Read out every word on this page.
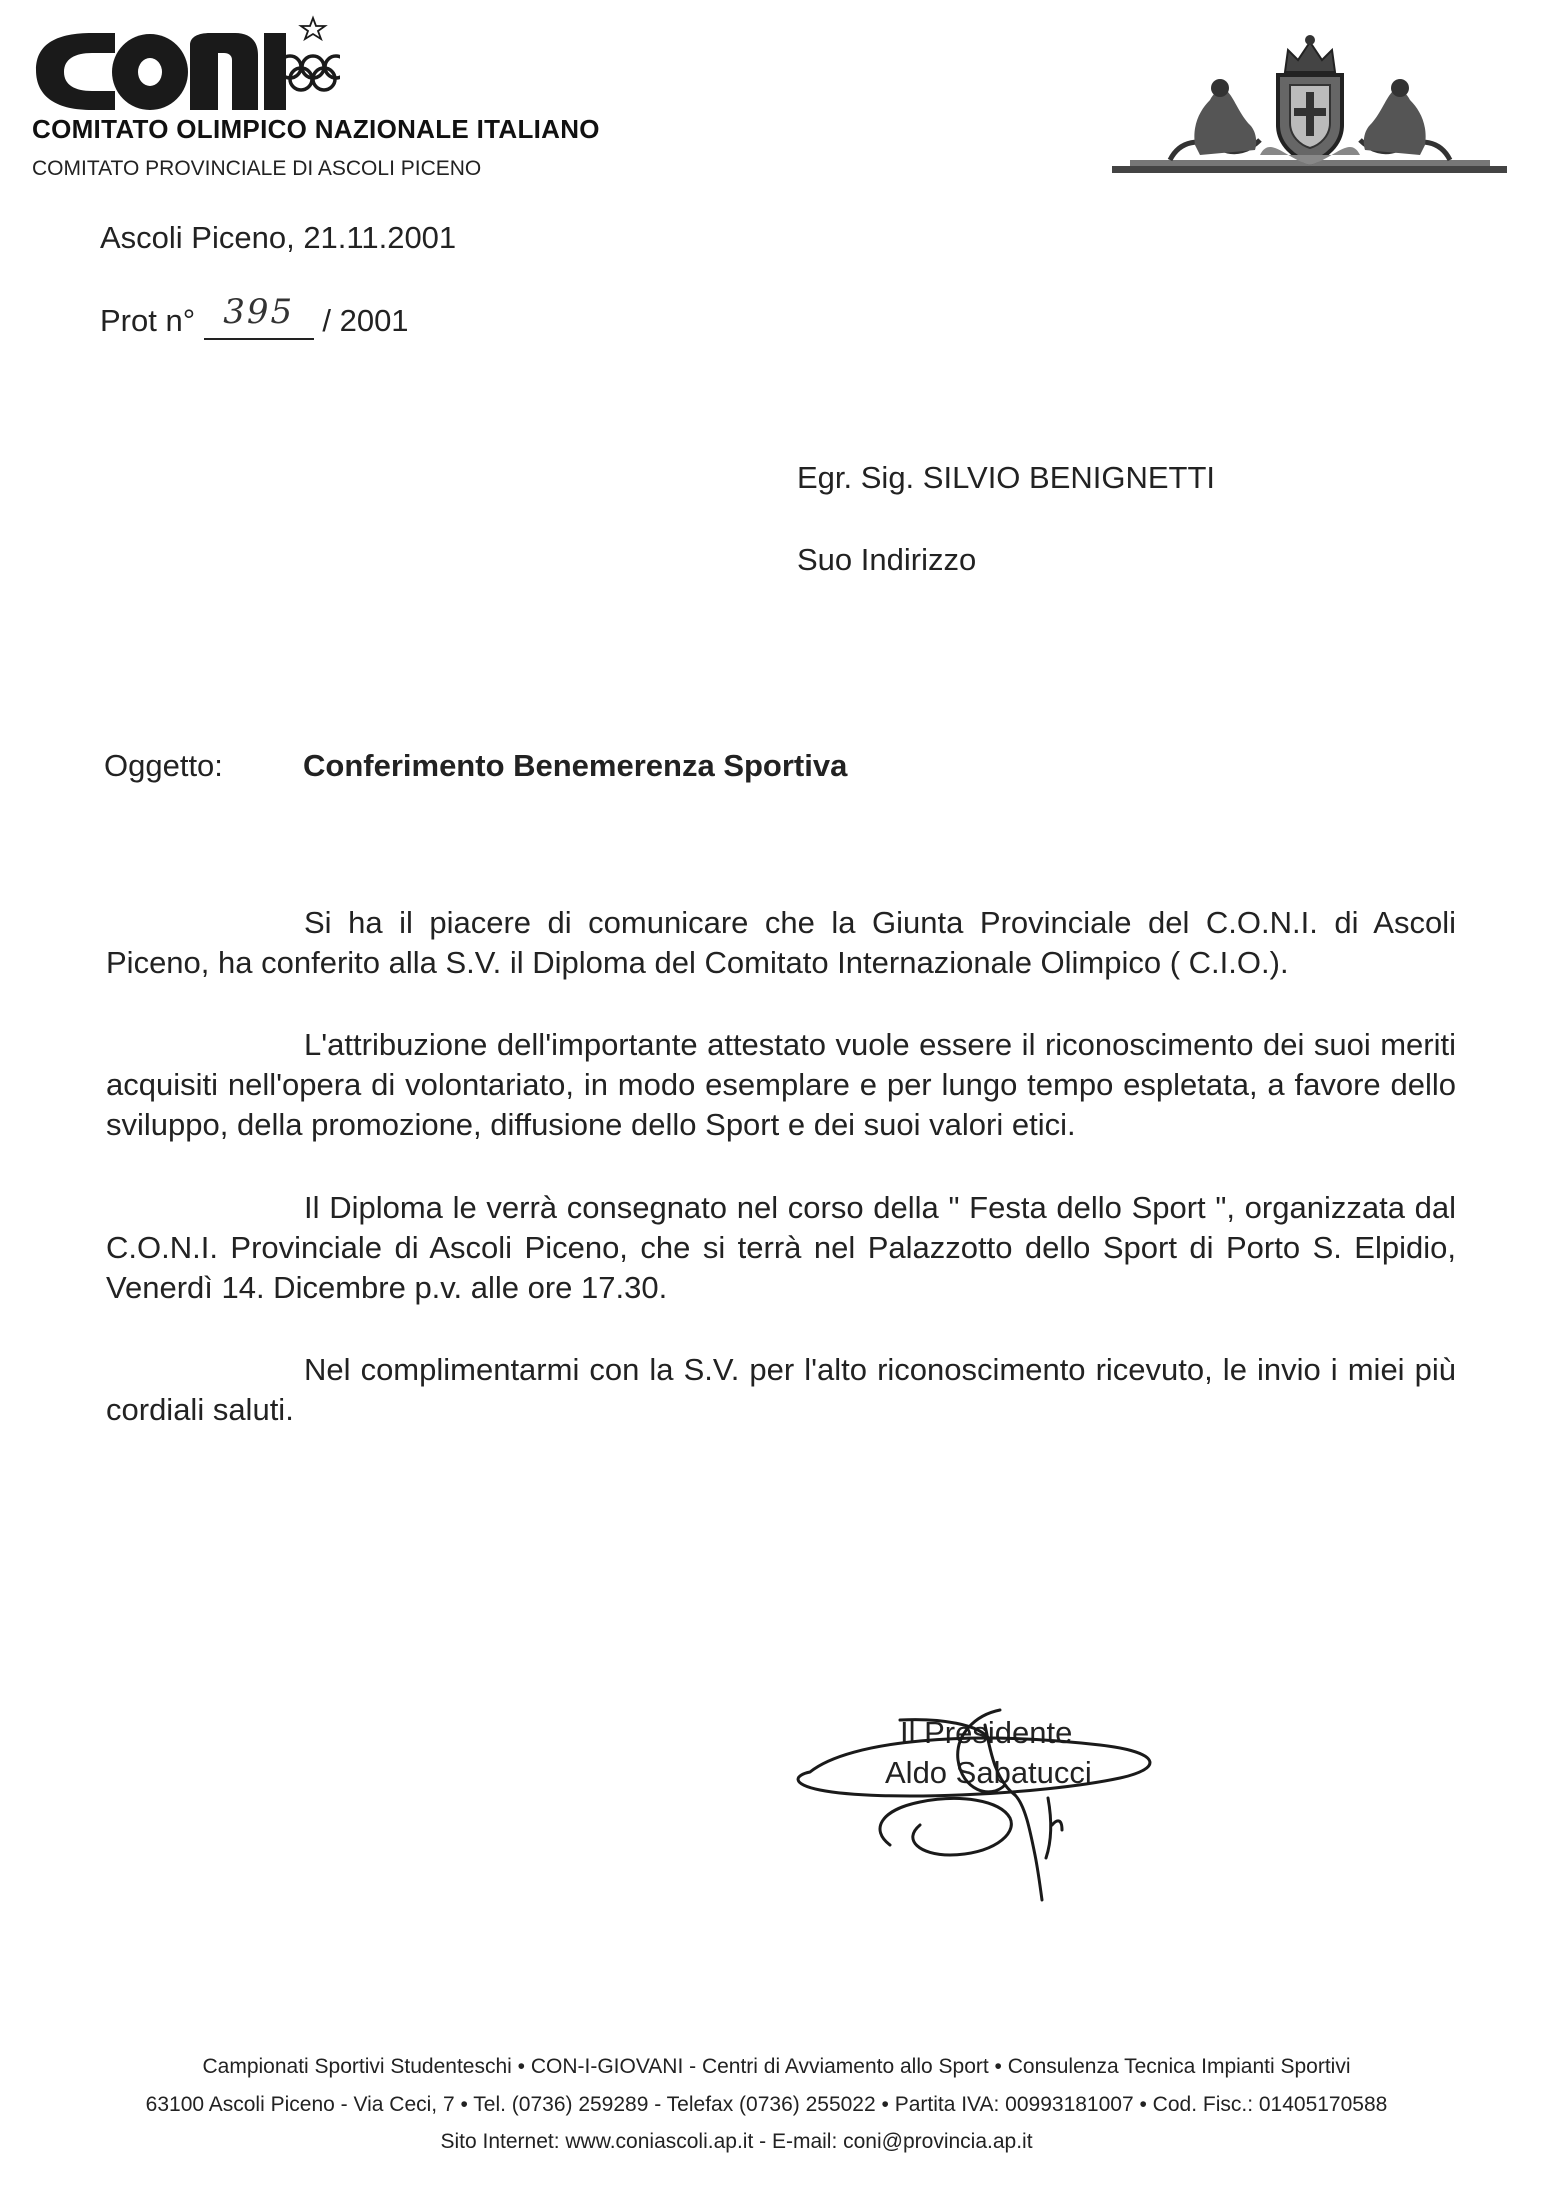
COMITATO OLIMPICO NAZIONALE ITALIANO
COMITATO PROVINCIALE DI ASCOLI PICENO
Ascoli Piceno, 21.11.2001
Prot n° 395 / 2001
Egr. Sig. SILVIO BENIGNETTI
Suo Indirizzo
Oggetto:	Conferimento Benemerenza Sportiva
Si ha il piacere di comunicare che la Giunta Provinciale del C.O.N.I. di Ascoli Piceno, ha conferito alla S.V. il Diploma del Comitato Internazionale Olimpico ( C.I.O.).
L'attribuzione dell'importante attestato vuole essere il riconoscimento dei suoi meriti acquisiti nell'opera di volontariato, in modo esemplare e per lungo tempo espletata, a favore dello sviluppo, della promozione, diffusione dello Sport e dei suoi valori etici.
Il Diploma le verrà consegnato nel corso della " Festa dello Sport ", organizzata dal C.O.N.I. Provinciale di Ascoli Piceno, che si terrà nel Palazzotto dello Sport di Porto S. Elpidio, Venerdì 14. Dicembre p.v. alle ore 17.30.
Nel complimentarmi con la S.V. per l'alto riconoscimento ricevuto, le invio i miei più cordiali saluti.
Il Presidente
Aldo Sabatucci
Campionati Sportivi Studenteschi • CON-I-GIOVANI - Centri di Avviamento allo Sport • Consulenza Tecnica Impianti Sportivi
63100 Ascoli Piceno - Via Ceci, 7 • Tel. (0736) 259289 - Telefax (0736) 255022 • Partita IVA: 00993181007 • Cod. Fisc.: 01405170588
Sito Internet: www.coniascoli.ap.it - E-mail: coni@provincia.ap.it
